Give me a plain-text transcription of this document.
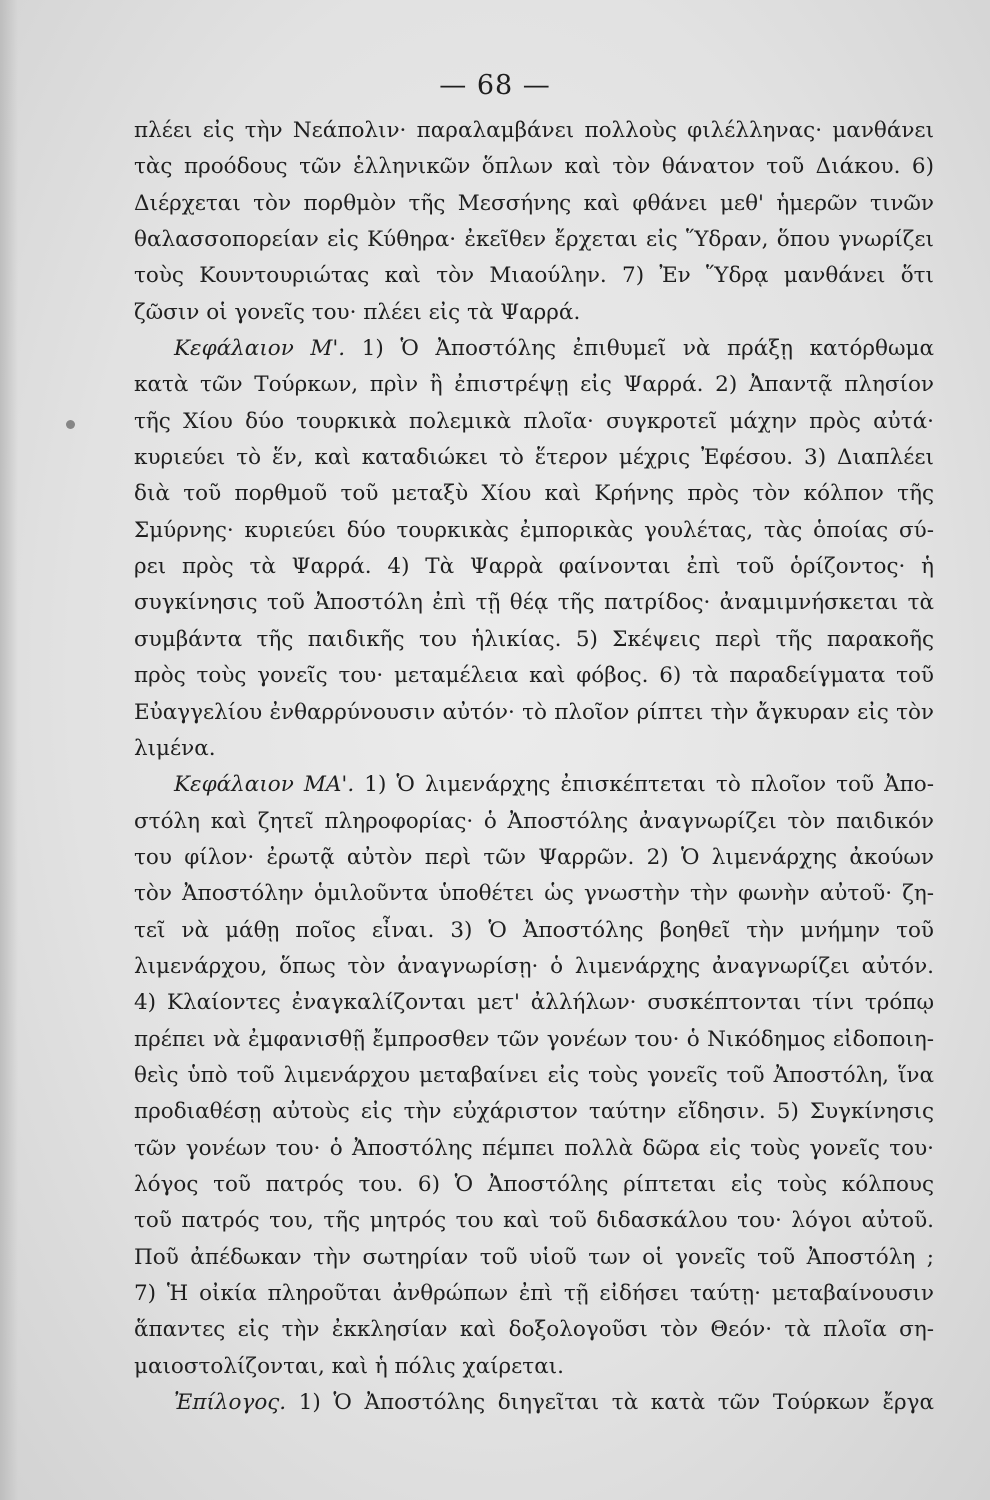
— 68 —
πλέει εἰς τὴν Νεάπολιν· παραλαμβάνει πολλοὺς φιλέλληνας· μανθάνει
τὰς προόδους τῶν ἑλληνικῶν ὅπλων καὶ τὸν θάνατον τοῦ Διάκου. 6)
Διέρχεται τὸν πορθμὸν τῆς Μεσσήνης καὶ φθάνει μεθ' ἡμερῶν τινῶν
θαλασσοπορείαν εἰς Κύθηρα· ἐκεῖθεν ἔρχεται εἰς Ὕδραν, ὅπου γνωρίζει
τοὺς Κουντουριώτας καὶ τὸν Μιαούλην. 7) Ἐν Ὕδρᾳ μανθάνει ὅτι
ζῶσιν οἱ γονεῖς του· πλέει εἰς τὰ Ψαρρά.
Κεφάλαιον Μ'. 1) Ὁ Ἀποστόλης ἐπιθυμεῖ νὰ πράξῃ κατόρθωμα
κατὰ τῶν Τούρκων, πρὶν ἢ ἐπιστρέψῃ εἰς Ψαρρά. 2) Ἀπαντᾷ πλησίον
τῆς Χίου δύο τουρκικὰ πολεμικὰ πλοῖα· συγκροτεῖ μάχην πρὸς αὐτά·
κυριεύει τὸ ἕν, καὶ καταδιώκει τὸ ἕτερον μέχρις Ἐφέσου. 3) Διαπλέει
διὰ τοῦ πορθμοῦ τοῦ μεταξὺ Χίου καὶ Κρήνης πρὸς τὸν κόλπον τῆς
Σμύρνης· κυριεύει δύο τουρκικὰς ἐμπορικὰς γουλέτας, τὰς ὁποίας σύ-
ρει πρὸς τὰ Ψαρρά. 4) Τὰ Ψαρρὰ φαίνονται ἐπὶ τοῦ ὁρίζοντος· ἡ
συγκίνησις τοῦ Ἀποστόλη ἐπὶ τῇ θέᾳ τῆς πατρίδος· ἀναμιμνήσκεται τὰ
συμβάντα τῆς παιδικῆς του ἡλικίας. 5) Σκέψεις περὶ τῆς παρακοῆς
πρὸς τοὺς γονεῖς του· μεταμέλεια καὶ φόβος. 6) τὰ παραδείγματα τοῦ
Εὐαγγελίου ἐνθαρρύνουσιν αὐτόν· τὸ πλοῖον ρίπτει τὴν ἄγκυραν εἰς τὸν
λιμένα.
Κεφάλαιον ΜΑ'. 1) Ὁ λιμενάρχης ἐπισκέπτεται τὸ πλοῖον τοῦ Ἀπο-
στόλη καὶ ζητεῖ πληροφορίας· ὁ Ἀποστόλης ἀναγνωρίζει τὸν παιδικόν
του φίλον· ἐρωτᾷ αὐτὸν περὶ τῶν Ψαρρῶν. 2) Ὁ λιμενάρχης ἀκούων
τὸν Ἀποστόλην ὁμιλοῦντα ὑποθέτει ὡς γνωστὴν τὴν φωνὴν αὐτοῦ· ζη-
τεῖ νὰ μάθῃ ποῖος εἶναι. 3) Ὁ Ἀποστόλης βοηθεῖ τὴν μνήμην τοῦ
λιμενάρχου, ὅπως τὸν ἀναγνωρίσῃ· ὁ λιμενάρχης ἀναγνωρίζει αὐτόν.
4) Κλαίοντες ἐναγκαλίζονται μετ' ἀλλήλων· συσκέπτονται τίνι τρόπῳ
πρέπει νὰ ἐμφανισθῇ ἔμπροσθεν τῶν γονέων του· ὁ Νικόδημος εἰδοποιη-
θεὶς ὑπὸ τοῦ λιμενάρχου μεταβαίνει εἰς τοὺς γονεῖς τοῦ Ἀποστόλη, ἵνα
προδιαθέσῃ αὐτοὺς εἰς τὴν εὐχάριστον ταύτην εἴδησιν. 5) Συγκίνησις
τῶν γονέων του· ὁ Ἀποστόλης πέμπει πολλὰ δῶρα εἰς τοὺς γονεῖς του·
λόγος τοῦ πατρός του. 6) Ὁ Ἀποστόλης ρίπτεται εἰς τοὺς κόλπους
τοῦ πατρός του, τῆς μητρός του καὶ τοῦ διδασκάλου του· λόγοι αὐτοῦ.
Ποῦ ἀπέδωκαν τὴν σωτηρίαν τοῦ υἱοῦ των οἱ γονεῖς τοῦ Ἀποστόλη ;
7) Ἡ οἰκία πληροῦται ἀνθρώπων ἐπὶ τῇ εἰδήσει ταύτῃ· μεταβαίνουσιν
ἅπαντες εἰς τὴν ἐκκλησίαν καὶ δοξολογοῦσι τὸν Θεόν· τὰ πλοῖα ση-
μαιοστολίζονται, καὶ ἡ πόλις χαίρεται.
Ἐπίλογος. 1) Ὁ Ἀποστόλης διηγεῖται τὰ κατὰ τῶν Τούρκων ἔργα
